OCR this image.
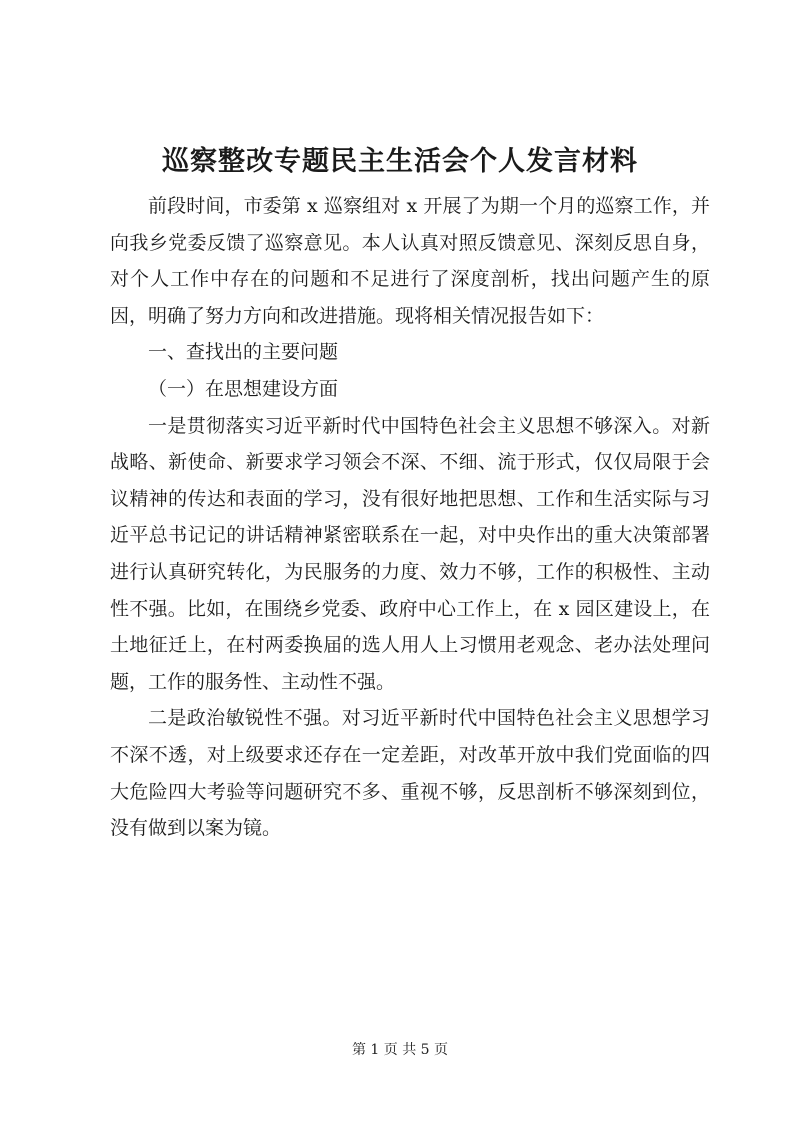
巡察整改专题民主生活会个人发言材料

前段时间，市委第 x 巡察组对 x 开展了为期一个月的巡察工作，并向我乡党委反馈了巡察意见。本人认真对照反馈意见、深刻反思自身，对个人工作中存在的问题和不足进行了深度剖析，找出问题产生的原因，明确了努力方向和改进措施。现将相关情况报告如下：

一、查找出的主要问题

（一）在思想建设方面

一是贯彻落实习近平新时代中国特色社会主义思想不够深入。对新战略、新使命、新要求学习领会不深、不细、流于形式，仅仅局限于会议精神的传达和表面的学习，没有很好地把思想、工作和生活实际与习近平总书记记的讲话精神紧密联系在一起，对中央作出的重大决策部署进行认真研究转化，为民服务的力度、效力不够，工作的积极性、主动性不强。比如，在围绕乡党委、政府中心工作上，在 x 园区建设上，在土地征迁上，在村两委换届的选人用人上习惯用老观念、老办法处理问题，工作的服务性、主动性不强。

二是政治敏锐性不强。对习近平新时代中国特色社会主义思想学习不深不透，对上级要求还存在一定差距，对改革开放中我们党面临的四大危险四大考验等问题研究不多、重视不够，反思剖析不够深刻到位，没有做到以案为镜。

第 1 页 共 5 页
